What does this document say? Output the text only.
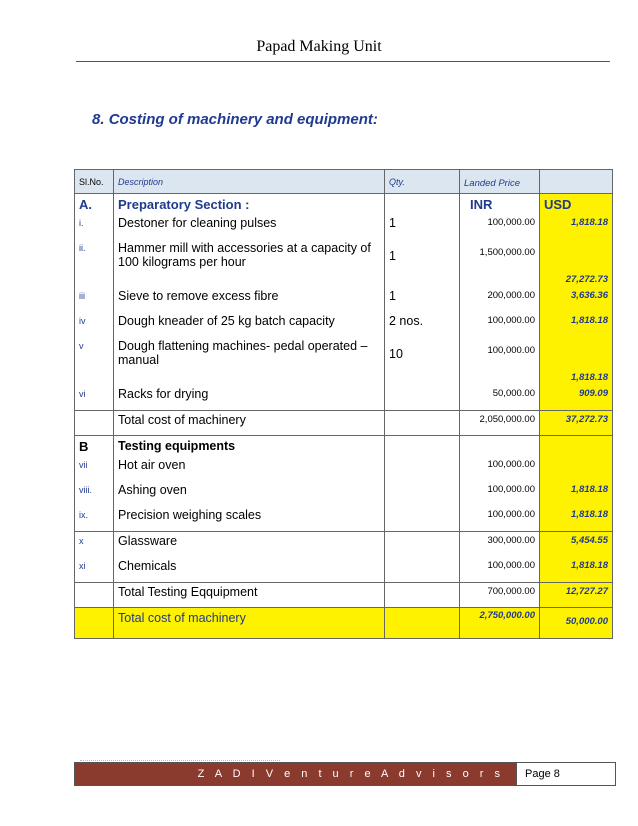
Papad Making Unit
8. Costing of machinery and equipment:
Sl.No.	Description	Qty.	Landed Price	
A.	Preparatory Section :		INR	USD
i.	Destoner for cleaning pulses	1	100,000.00	1,818.18
ii.	Hammer mill with accessories at a capacity of 100 kilograms per hour	1	1,500,000.00	27,272.73
iii	Sieve to remove excess fibre	1	200,000.00	3,636.36
iv	Dough kneader of 25 kg batch capacity	2 nos.	100,000.00	1,818.18
v	Dough flattening machines- pedal operated – manual	10	100,000.00	1,818.18
vi	Racks for drying		50,000.00	909.09
	Total cost of machinery		2,050,000.00	37,272.73
B	Testing equipments			
vii	Hot air oven		100,000.00	
viii.	Ashing oven		100,000.00	1,818.18
ix.	Precision weighing scales		100,000.00	1,818.18
x	Glassware		300,000.00	5,454.55
xi	Chemicals		100,000.00	1,818.18
	Total Testing Eqquipment		700,000.00	12,727.27
	Total cost of machinery		2,750,000.00	50,000.00
Z A D I V e n t u r e A d v i s o r s	Page 8
